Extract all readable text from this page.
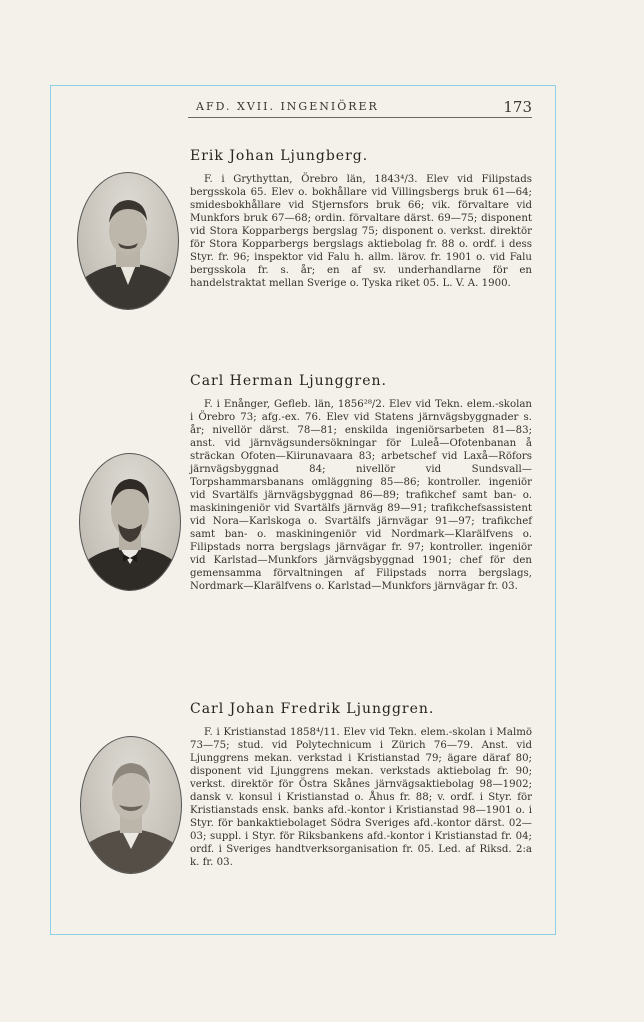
AFD. XVII. INGENIÖRER	173
Erik Johan Ljungberg.
F. i Grythyttan, Örebro län, 1843⁴/3. Elev vid Filipstads bergsskola 65. Elev o. bokhållare vid Villingsbergs bruk 61—64; smidesbokhållare vid Stjernsfors bruk 66; vik. förvaltare vid Munkfors bruk 67—68; ordin. förvaltare därst. 69—75; disponent vid Stora Kopparbergs bergslag 75; disponent o. verkst. direktör för Stora Kopparbergs bergslags aktiebolag fr. 88 o. ordf. i dess Styr. fr. 96; inspektor vid Falu h. allm. lärov. fr. 1901 o. vid Falu bergsskola fr. s. år; en af sv. underhandlarne för en handelstraktat mellan Sverige o. Tyska riket 05. L. V. A. 1900.
Carl Herman Ljunggren.
F. i Enånger, Gefleb. län, 1856²⁸/2. Elev vid Tekn. elem.-skolan i Örebro 73; afg.-ex. 76. Elev vid Statens järnvägsbyggnader s. år; nivellör därst. 78—81; enskilda ingeniörsarbeten 81—83; anst. vid järnvägsundersökningar för Luleå—Ofotenbanan å sträckan Ofoten—Kiirunavaara 83; arbetschef vid Laxå—Röfors järnvägsbyggnad 84; nivellör vid Sundsvall—Torpshammarsbanans omläggning 85—86; kontroller. ingeniör vid Svartälfs järnvägsbyggnad 86—89; trafikchef samt ban- o. maskiningeniör vid Svartälfs järnväg 89—91; trafikchefsassistent vid Nora—Karlskoga o. Svartälfs järnvägar 91—97; trafikchef samt ban- o. maskiningeniör vid Nordmark—Klarälfvens o. Filipstads norra bergslags järnvägar fr. 97; kontroller. ingeniör vid Karlstad—Munkfors järnvägsbyggnad 1901; chef för den gemensamma förvaltningen af Filipstads norra bergslags, Nordmark—Klarälfvens o. Karlstad—Munkfors järnvägar fr. 03.
Carl Johan Fredrik Ljunggren.
F. i Kristianstad 1858⁴/11. Elev vid Tekn. elem.-skolan i Malmö 73—75; stud. vid Polytechnicum i Zürich 76—79. Anst. vid Ljunggrens mekan. verkstad i Kristianstad 79; ägare däraf 80; disponent vid Ljunggrens mekan. verkstads aktiebolag fr. 90; verkst. direktör för Östra Skånes järnvägsaktiebolag 98—1902; dansk v. konsul i Kristianstad o. Åhus fr. 88; v. ordf. i Styr. för Kristianstads ensk. banks afd.-kontor i Kristianstad 98—1901 o. i Styr. för bankaktiebolaget Södra Sveriges afd.-kontor därst. 02—03; suppl. i Styr. för Riksbankens afd.-kontor i Kristianstad fr. 04; ordf. i Sveriges handtverksorganisation fr. 05. Led. af Riksd. 2:a k. fr. 03.
